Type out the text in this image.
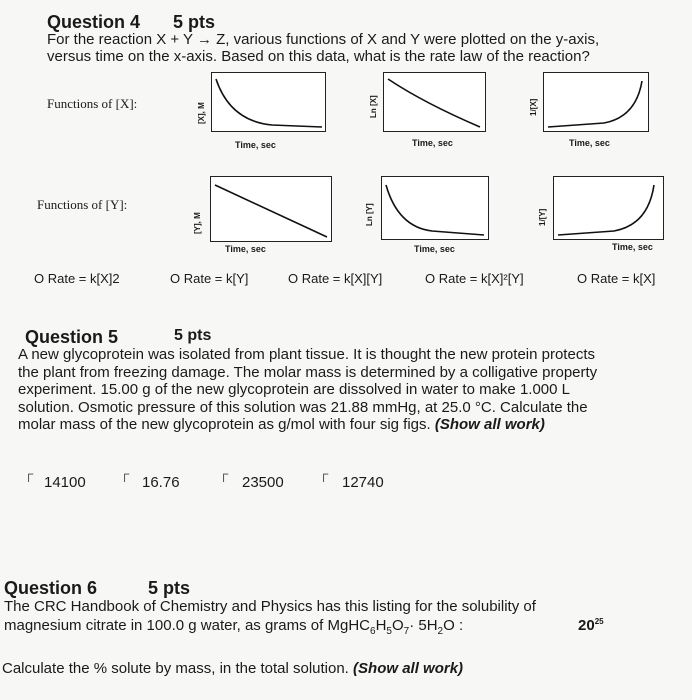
Question 4 5 pts
For the reaction X + Y → Z, various functions of X and Y were plotted on the y-axis,
versus time on the x-axis. Based on this data, what is the rate law of the reaction?
Functions of [X]:
Functions of [Y]:
[X], M
Time, sec
Ln [X]
Time, sec
1/[X]
Time, sec
[Y], M
Time, sec
Ln [Y]
Time, sec
1/[Y]
Time, sec
O Rate = k[X]2	O Rate = k[Y]	O Rate = k[X][Y]	O Rate = k[X]²[Y]	O Rate = k[X]
Question 5	5 pts
A new glycoprotein was isolated from plant tissue. It is thought the new protein protects
the plant from freezing damage. The molar mass is determined by a colligative property
experiment. 15.00 g of the new glycoprotein are dissolved in water to make 1.000 L
solution. Osmotic pressure of this solution was 21.88 mmHg, at 25.0 °C. Calculate the
molar mass of the new glycoprotein as g/mol with four sig figs. (Show all work)
┌
14100
┌
16.76
┌
23500
┌
12740
Question 6	5 pts
The CRC Handbook of Chemistry and Physics has this listing for the solubility of
magnesium citrate in 100.0 g water, as grams of $MgHC_6H_5O_7\cdot 5H_2O$ :	$20^{25}$
Calculate the % solute by mass, in the total solution. (Show all work)
